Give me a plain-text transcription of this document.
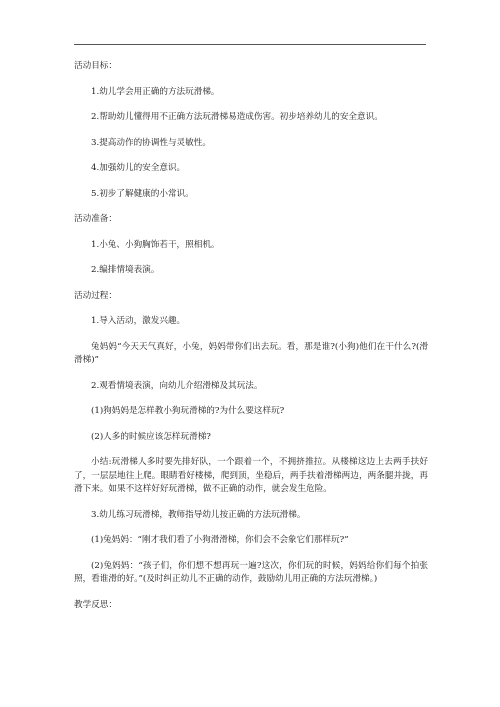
活动目标：

1.幼儿学会用正确的方法玩滑梯。

2.帮助幼儿懂得用不正确方法玩滑梯易造成伤害。初步培养幼儿的安全意识。

3.提高动作的协调性与灵敏性。

4.加强幼儿的安全意识。

5.初步了解健康的小常识。

活动准备：

1.小兔、小狗胸饰若干，照相机。

2.编排情境表演。

活动过程：

1.导入活动，激发兴趣。

兔妈妈“今天天气真好，小兔，妈妈带你们出去玩。看，那是谁?(小狗)他们在干什么?(滑滑梯)”

2.观看情境表演，向幼儿介绍滑梯及其玩法。

(1)狗妈妈是怎样教小狗玩滑梯的?为什么要这样玩?

(2)人多的时候应该怎样玩滑梯?

小结:玩滑梯人多时要先排好队，一个跟着一个，不拥挤推拉。从楼梯这边上去两手扶好了，一层层地往上爬。眼睛看好楼梯，爬到顶，坐稳后，两手扶着滑梯两边，两条腿并拢，再滑下来。如果不这样好好玩滑梯，做不正确的动作，就会发生危险。

3.幼儿练习玩滑梯，教师指导幼儿按正确的方法玩滑梯。

(1)兔妈妈：“刚才我们看了小狗滑滑梯，你们会不会象它们那样玩?”

(2)兔妈妈：“孩子们，你们想不想再玩一遍?这次，你们玩的时候，妈妈给你们每个拍张照，看谁滑的好。”(及时纠正幼儿不正确的动作，鼓励幼儿用正确的方法玩滑梯。)

教学反思：
